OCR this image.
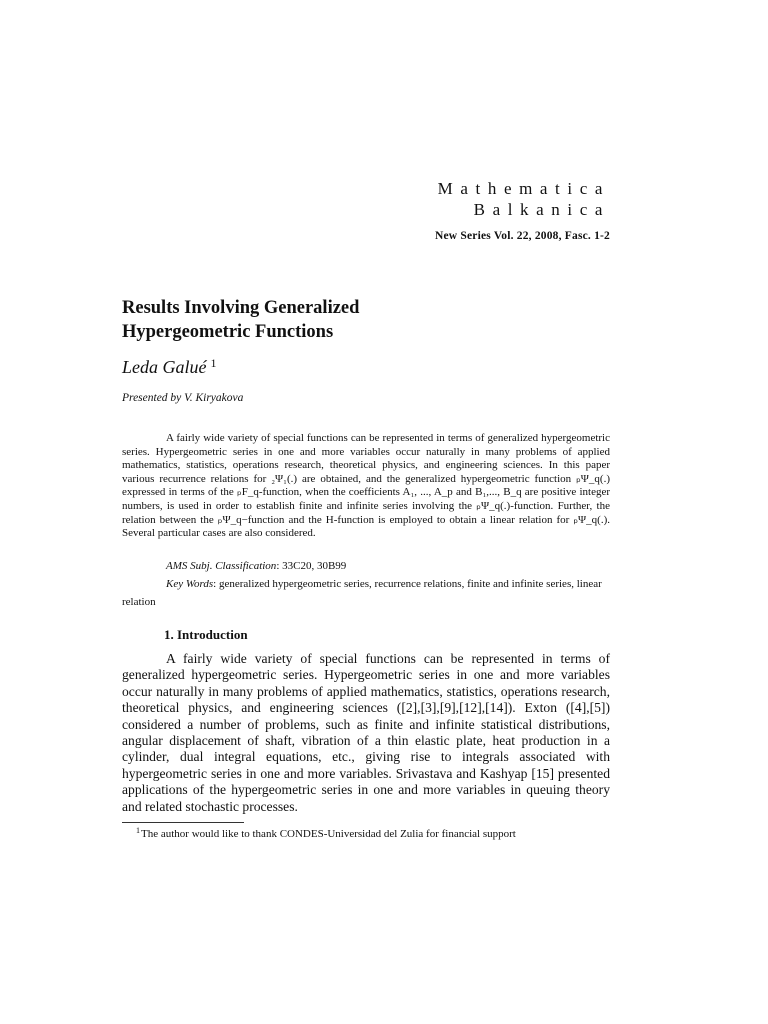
Mathematica
Balkanica
New Series Vol. 22, 2008, Fasc. 1-2
Results Involving Generalized
Hypergeometric Functions
Leda Galué $^1$
Presented by V. Kiryakova

A fairly wide variety of special functions can be represented in terms of generalized hypergeometric series. Hypergeometric series in one and more variables occur naturally in many problems of applied mathematics, statistics, operations research, theoretical physics, and engineering sciences. In this paper various recurrence relations for ₂Ψ₁(.) are obtained, and the generalized hypergeometric function ₚΨ_q(.) expressed in terms of the ₚF_q-function, when the coefficients A₁, ..., A_p and B₁,..., B_q are positive integer numbers, is used in order to establish finite and infinite series involving the ₚΨ_q(.)-function. Further, the relation between the ₚΨ_q−function and the H-function is employed to obtain a linear relation for ₚΨ_q(.). Several particular cases are also considered.

AMS Subj. Classification: 33C20, 30B99

Key Words: generalized hypergeometric series, recurrence relations, finite and infinite series, linear relation

1. Introduction

A fairly wide variety of special functions can be represented in terms of generalized hypergeometric series. Hypergeometric series in one and more variables occur naturally in many problems of applied mathematics, statistics, operations research, theoretical physics, and engineering sciences ([2],[3],[9],[12],[14]). Exton ([4],[5]) considered a number of problems, such as finite and infinite statistical distributions, angular displacement of shaft, vibration of a thin elastic plate, heat production in a cylinder, dual integral equations, etc., giving rise to integrals associated with hypergeometric series in one and more variables. Srivastava and Kashyap [15] presented applications of the hypergeometric series in one and more variables in queuing theory and related stochastic processes.

$^1$The author would like to thank CONDES-Universidad del Zulia for financial support
